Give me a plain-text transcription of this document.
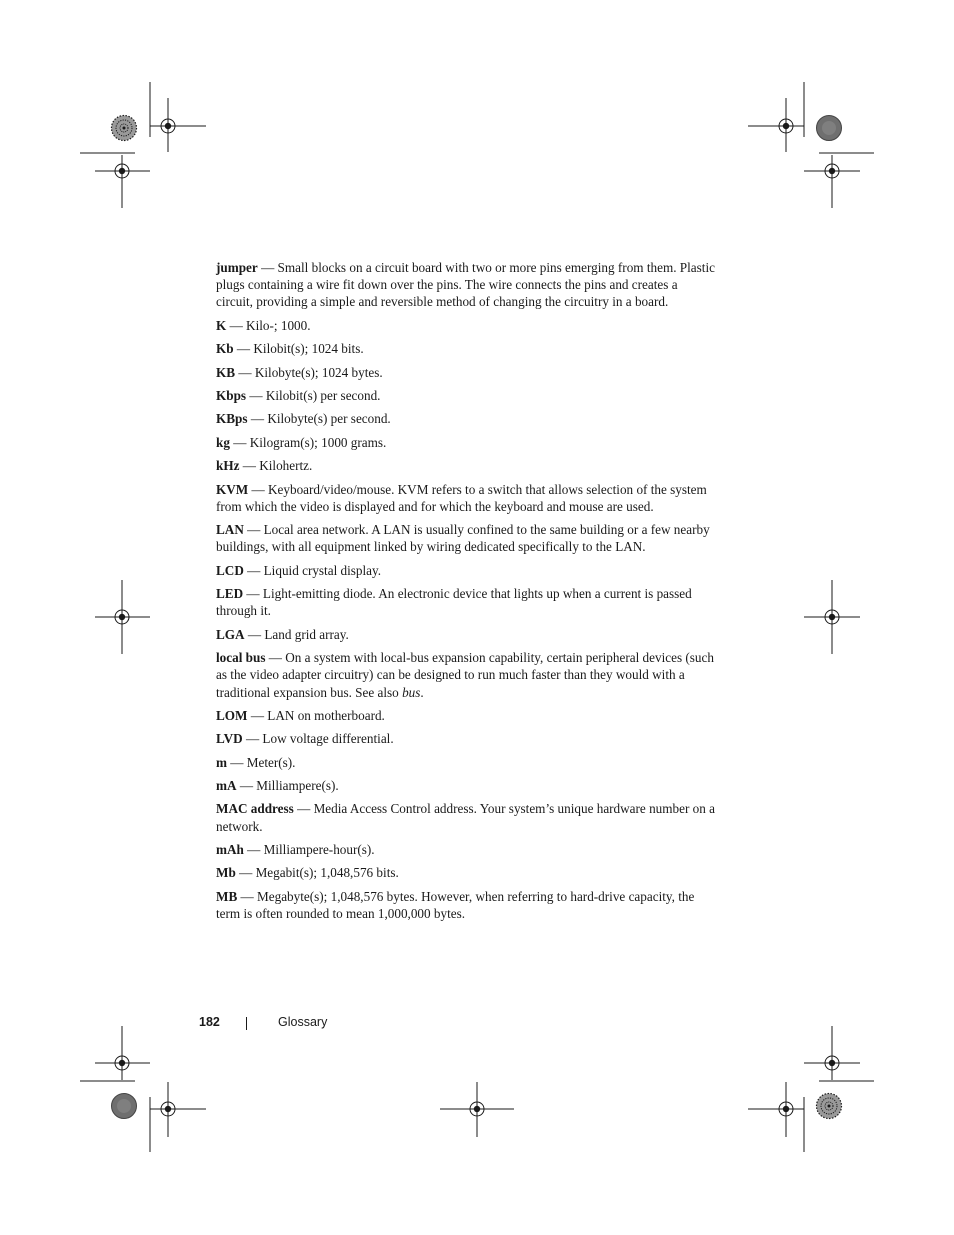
jumper — Small blocks on a circuit board with two or more pins emerging from them. Plastic plugs containing a wire fit down over the pins. The wire connects the pins and creates a circuit, providing a simple and reversible method of changing the circuitry in a board.

K — Kilo-; 1000.

Kb — Kilobit(s); 1024 bits.

KB — Kilobyte(s); 1024 bytes.

Kbps — Kilobit(s) per second.

KBps — Kilobyte(s) per second.

kg — Kilogram(s); 1000 grams.

kHz — Kilohertz.

KVM — Keyboard/video/mouse. KVM refers to a switch that allows selection of the system from which the video is displayed and for which the keyboard and mouse are used.

LAN — Local area network. A LAN is usually confined to the same building or a few nearby buildings, with all equipment linked by wiring dedicated specifically to the LAN.

LCD — Liquid crystal display.

LED — Light-emitting diode. An electronic device that lights up when a current is passed through it.

LGA — Land grid array.

local bus — On a system with local-bus expansion capability, certain peripheral devices (such as the video adapter circuitry) can be designed to run much faster than they would with a traditional expansion bus. See also bus.

LOM — LAN on motherboard.

LVD — Low voltage differential.

m — Meter(s).

mA — Milliampere(s).

MAC address — Media Access Control address. Your system’s unique hardware number on a network.

mAh — Milliampere-hour(s).

Mb — Megabit(s); 1,048,576 bits.

MB — Megabyte(s); 1,048,576 bytes. However, when referring to hard-drive capacity, the term is often rounded to mean 1,000,000 bytes.

182	Glossary
